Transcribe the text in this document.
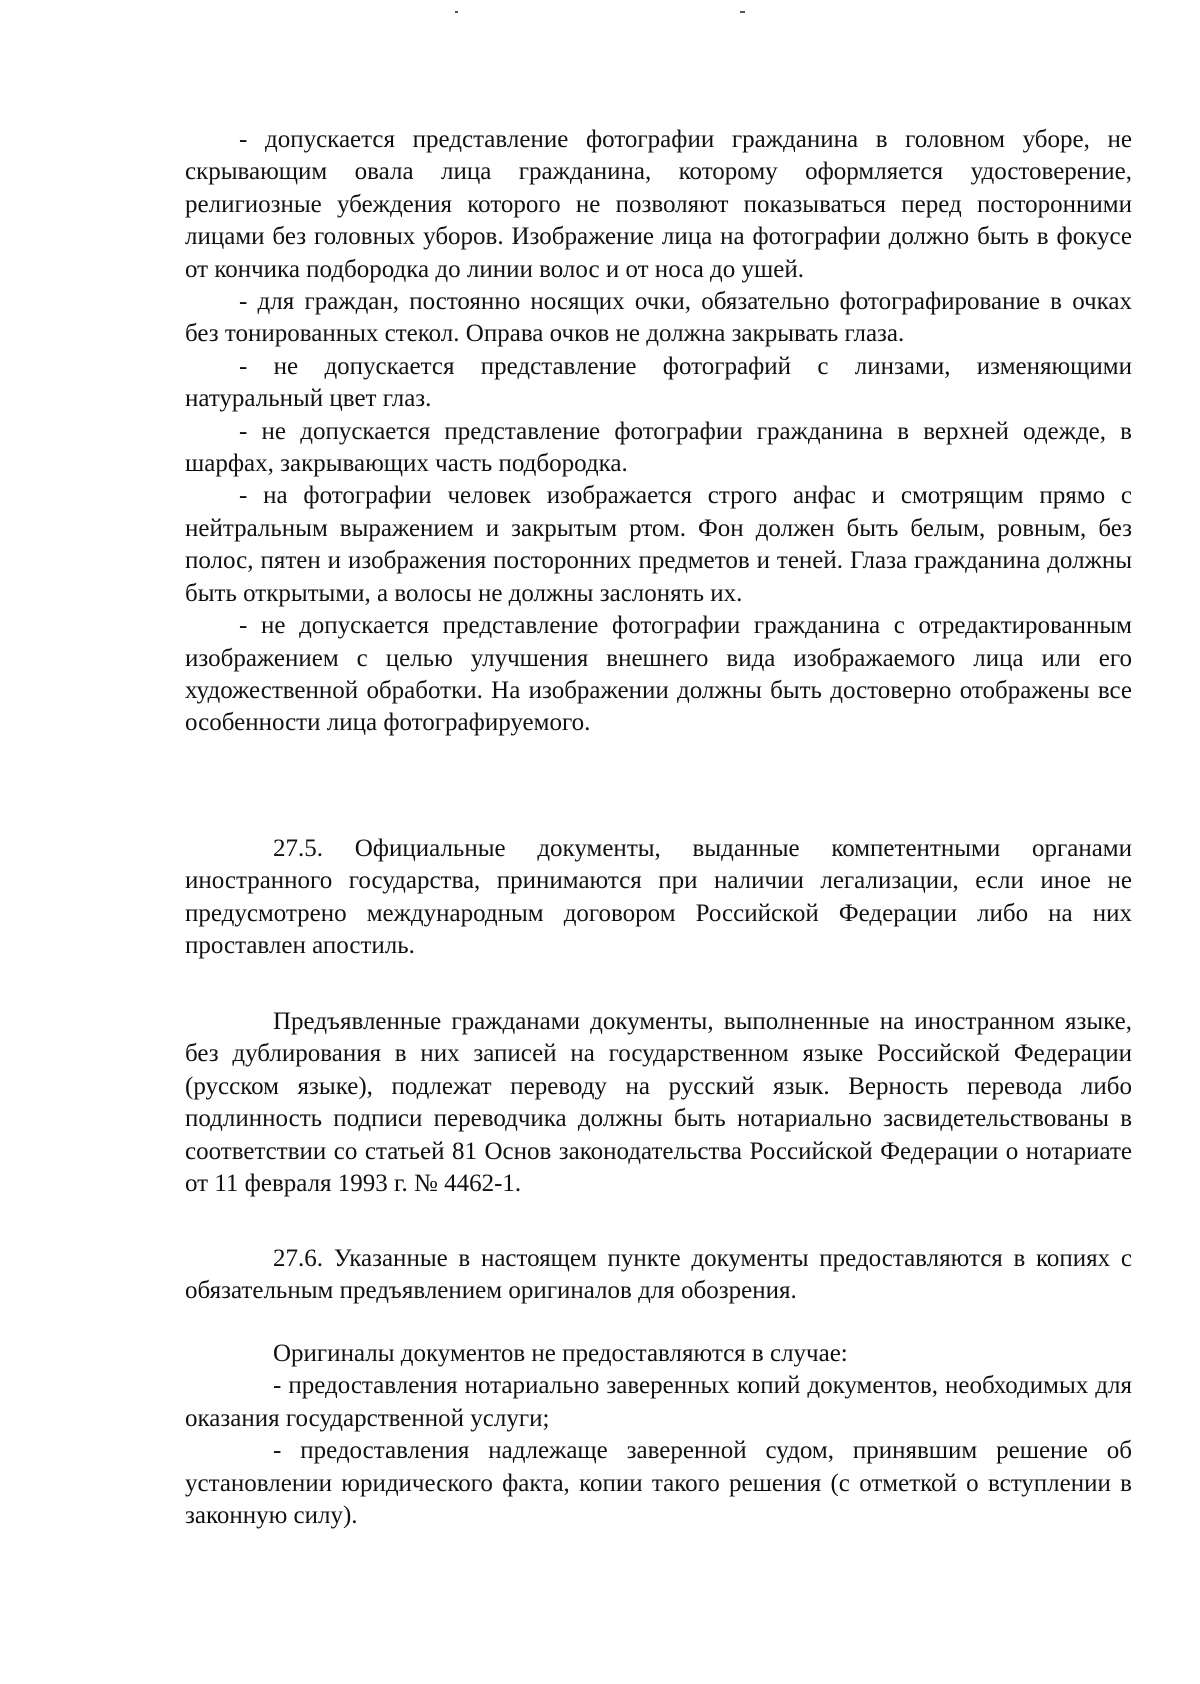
- допускается представление фотографии гражданина в головном уборе, не скрывающим овала лица гражданина, которому оформляется удостоверение, религиозные убеждения которого не позволяют показываться перед посторонними лицами без головных уборов. Изображение лица на фотографии должно быть в фокусе от кончика подбородка до линии волос и от носа до ушей.

- для граждан, постоянно носящих очки, обязательно фотографирование в очках без тонированных стекол. Оправа очков не должна закрывать глаза.

- не допускается представление фотографий с линзами, изменяющими натуральный цвет глаз.

- не допускается представление фотографии гражданина в верхней одежде, в шарфах, закрывающих часть подбородка.

- на фотографии человек изображается строго анфас и смотрящим прямо с нейтральным выражением и закрытым ртом. Фон должен быть белым, ровным, без полос, пятен и изображения посторонних предметов и теней. Глаза гражданина должны быть открытыми, а волосы не должны заслонять их.

- не допускается представление фотографии гражданина с отредактированным изображением с целью улучшения внешнего вида изображаемого лица или его художественной обработки. На изображении должны быть достоверно отображены все особенности лица фотографируемого.

27.5. Официальные документы, выданные компетентными органами иностранного государства, принимаются при наличии легализации, если иное не предусмотрено международным договором Российской Федерации либо на них проставлен апостиль.

Предъявленные гражданами документы, выполненные на иностранном языке, без дублирования в них записей на государственном языке Российской Федерации (русском языке), подлежат переводу на русский язык. Верность перевода либо подлинность подписи переводчика должны быть нотариально засвидетельствованы в соответствии со статьей 81 Основ законодательства Российской Федерации о нотариате от 11 февраля 1993 г. № 4462-1.

27.6. Указанные в настоящем пункте документы предоставляются в копиях с обязательным предъявлением оригиналов для обозрения.

Оригиналы документов не предоставляются в случае:

- предоставления нотариально заверенных копий документов, необходимых для оказания государственной услуги;

- предоставления надлежаще заверенной судом, принявшим решение об установлении юридического факта, копии такого решения (с отметкой о вступлении в законную силу).
